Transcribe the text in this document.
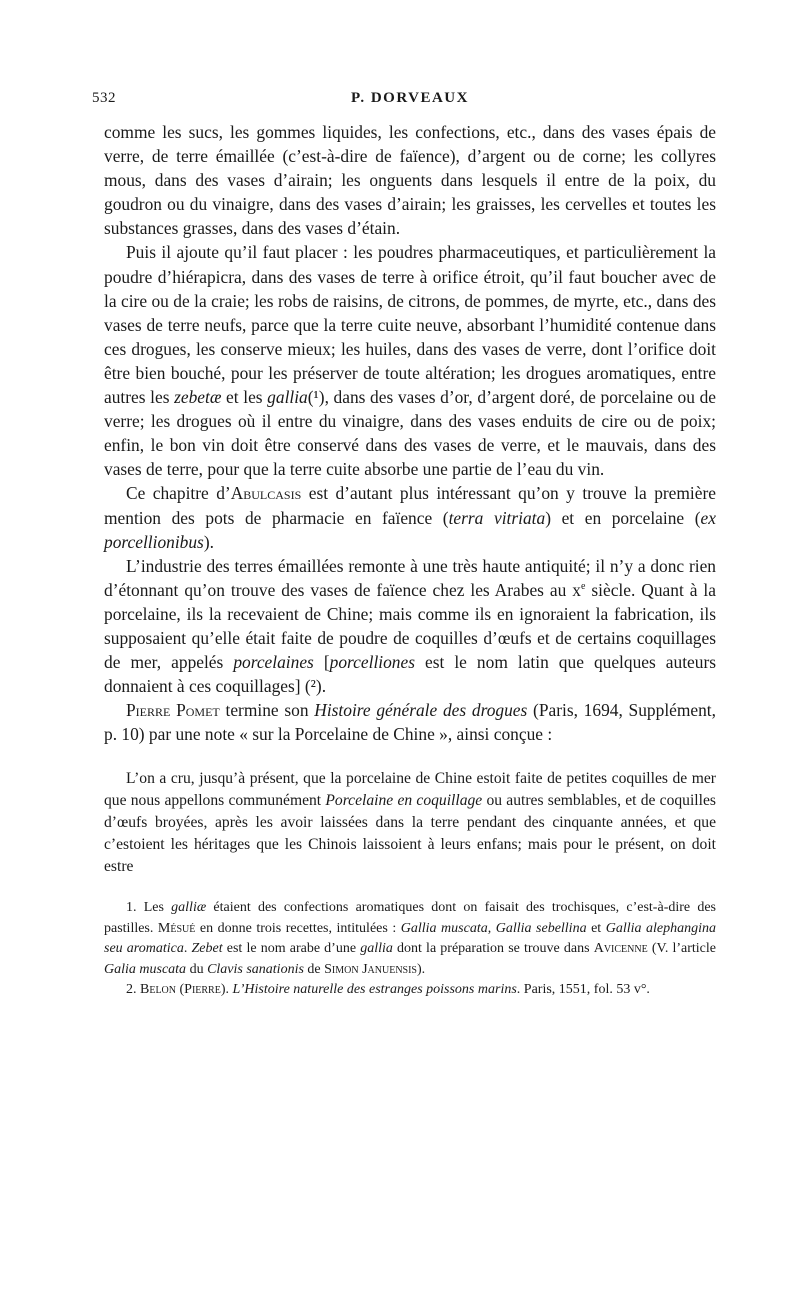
532	P. DORVEAUX

comme les sucs, les gommes liquides, les confections, etc., dans des vases épais de verre, de terre émaillée (c’est-à-dire de faïence), d’argent ou de corne; les collyres mous, dans des vases d’airain; les onguents dans lesquels il entre de la poix, du goudron ou du vinaigre, dans des vases d’airain; les graisses, les cervelles et toutes les substances grasses, dans des vases d’étain.

Puis il ajoute qu’il faut placer : les poudres pharmaceutiques, et particulièrement la poudre d’hiérapicra, dans des vases de terre à orifice étroit, qu’il faut boucher avec de la cire ou de la craie; les robs de raisins, de citrons, de pommes, de myrte, etc., dans des vases de terre neufs, parce que la terre cuite neuve, absorbant l’humidité contenue dans ces drogues, les conserve mieux; les huiles, dans des vases de verre, dont l’orifice doit être bien bouché, pour les préserver de toute altération; les drogues aromatiques, entre autres les zebetæ et les gallia(¹), dans des vases d’or, d’argent doré, de porcelaine ou de verre; les drogues où il entre du vinaigre, dans des vases enduits de cire ou de poix; enfin, le bon vin doit être conservé dans des vases de verre, et le mauvais, dans des vases de terre, pour que la terre cuite absorbe une partie de l’eau du vin.

Ce chapitre d’Abulcasis est d’autant plus intéressant qu’on y trouve la première mention des pots de pharmacie en faïence (terra vitriata) et en porcelaine (ex porcellionibus).

L’industrie des terres émaillées remonte à une très haute antiquité; il n’y a donc rien d’étonnant qu’on trouve des vases de faïence chez les Arabes au $x^e$ siècle. Quant à la porcelaine, ils la recevaient de Chine; mais comme ils en ignoraient la fabrication, ils supposaient qu’elle était faite de poudre de coquilles d’œufs et de certains coquillages de mer, appelés porcelaines [porcelliones est le nom latin que quelques auteurs donnaient à ces coquillages] (²).

Pierre Pomet termine son Histoire générale des drogues (Paris, 1694, Supplément, p. 10) par une note « sur la Porcelaine de Chine », ainsi conçue :

L’on a cru, jusqu’à présent, que la porcelaine de Chine estoit faite de petites coquilles de mer que nous appellons communément Porcelaine en coquillage ou autres semblables, et de coquilles d’œufs broyées, après les avoir laissées dans la terre pendant des cinquante années, et que c’estoient les héritages que les Chinois laissoient à leurs enfans; mais pour le présent, on doit estre

1. Les galliæ étaient des confections aromatiques dont on faisait des trochisques, c’est-à-dire des pastilles. Mésué en donne trois recettes, intitulées : Gallia muscata, Gallia sebellina et Gallia alephangina seu aromatica. Zebet est le nom arabe d’une gallia dont la préparation se trouve dans Avicenne (V. l’article Galia muscata du Clavis sanationis de Simon Januensis).

2. Belon (Pierre). L’Histoire naturelle des estranges poissons marins. Paris, 1551, fol. 53 v°.
